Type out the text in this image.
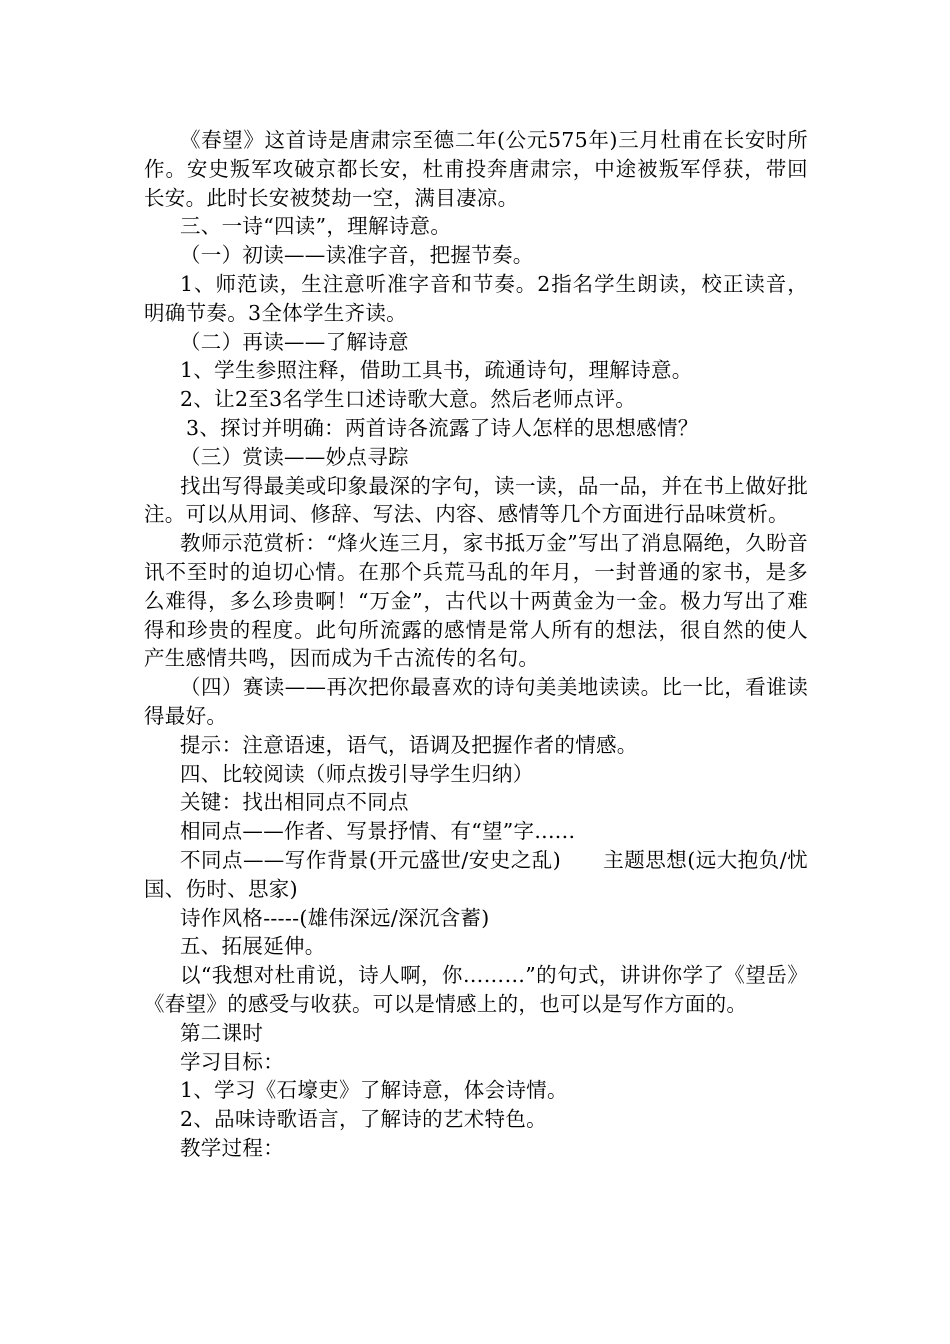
《春望》这首诗是唐肃宗至德二年(公元575年)三月杜甫在长安时所作。安史叛军攻破京都长安，杜甫投奔唐肃宗，中途被叛军俘获，带回长安。此时长安被焚劫一空，满目凄凉。

三、一诗“四读”，理解诗意。

（一）初读——读准字音，把握节奏。

1、师范读，生注意听准字音和节奏。2指名学生朗读，校正读音，明确节奏。3全体学生齐读。

（二）再读——了解诗意

1、学生参照注释，借助工具书，疏通诗句，理解诗意。

2、让2至3名学生口述诗歌大意。然后老师点评。

3、探讨并明确：两首诗各流露了诗人怎样的思想感情？

（三）赏读——妙点寻踪

找出写得最美或印象最深的字句，读一读，品一品，并在书上做好批注。可以从用词、修辞、写法、内容、感情等几个方面进行品味赏析。

教师示范赏析：“烽火连三月，家书抵万金”写出了消息隔绝，久盼音讯不至时的迫切心情。在那个兵荒马乱的年月，一封普通的家书，是多么难得，多么珍贵啊！“万金”，古代以十两黄金为一金。极力写出了难得和珍贵的程度。此句所流露的感情是常人所有的想法，很自然的使人产生感情共鸣，因而成为千古流传的名句。

（四）赛读——再次把你最喜欢的诗句美美地读读。比一比，看谁读得最好。

提示：注意语速，语气，语调及把握作者的情感。

四、比较阅读（师点拨引导学生归纳）

关键：找出相同点不同点

相同点——作者、写景抒情、有“望”字......

不同点——写作背景(开元盛世/安史之乱)　　主题思想(远大抱负/忧国、伤时、思家)

诗作风格-----(雄伟深远/深沉含蓄)

五、拓展延伸。

以“我想对杜甫说，诗人啊，你………”的句式，讲讲你学了《望岳》《春望》的感受与收获。可以是情感上的，也可以是写作方面的。

第二课时

学习目标：

1、学习《石壕吏》了解诗意，体会诗情。

2、品味诗歌语言，了解诗的艺术特色。

教学过程：
